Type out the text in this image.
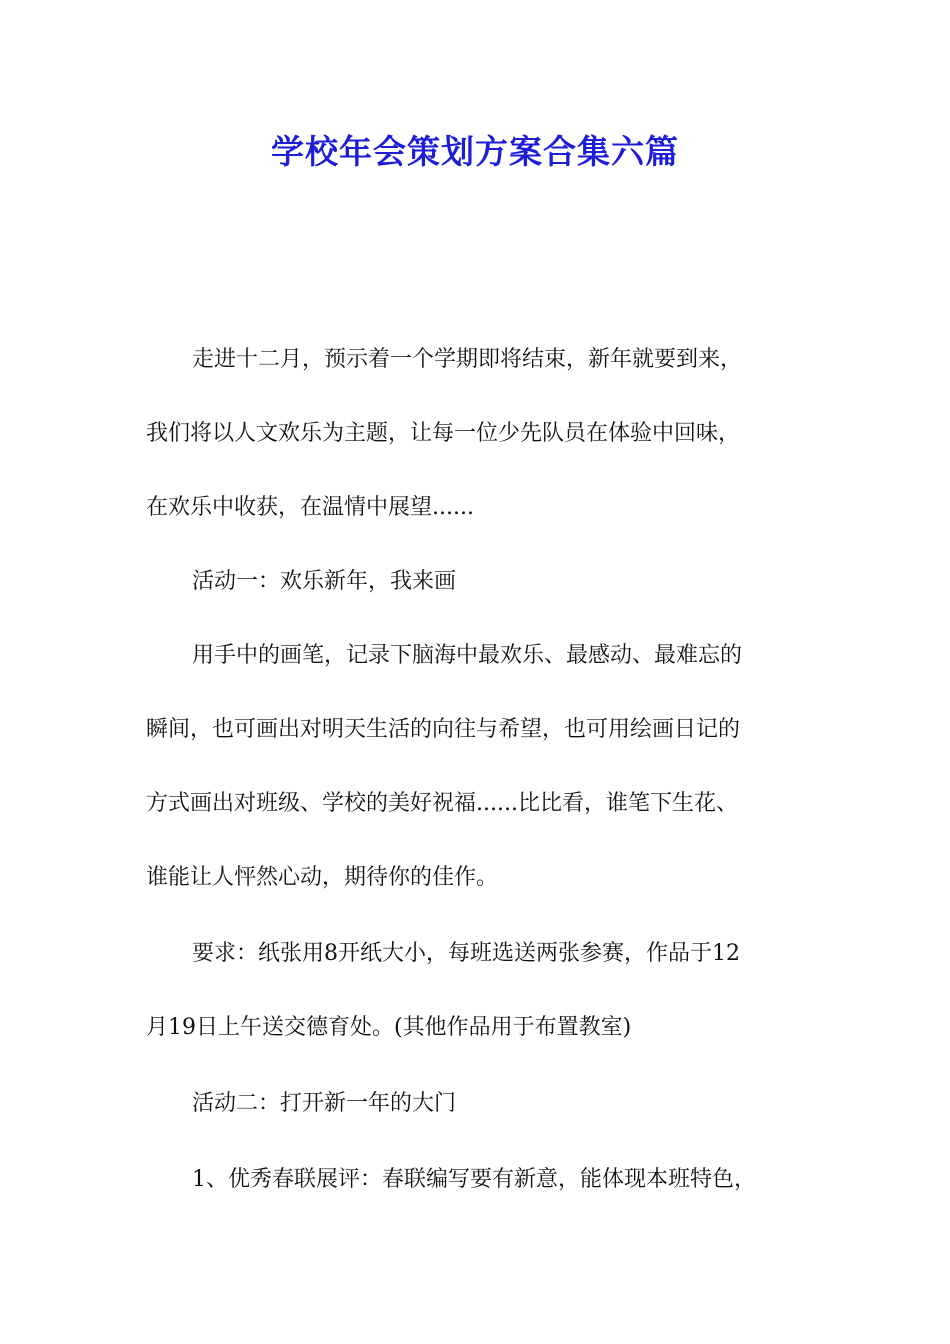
学校年会策划方案合集六篇
走进十二月，预示着一个学期即将结束，新年就要到来，
我们将以人文欢乐为主题，让每一位少先队员在体验中回味，
在欢乐中收获，在温情中展望......
活动一：欢乐新年，我来画
用手中的画笔，记录下脑海中最欢乐、最感动、最难忘的
瞬间，也可画出对明天生活的向往与希望，也可用绘画日记的
方式画出对班级、学校的美好祝福......比比看，谁笔下生花、
谁能让人怦然心动，期待你的佳作。
要求：纸张用8开纸大小，每班选送两张参赛，作品于12
月19日上午送交德育处。(其他作品用于布置教室)
活动二：打开新一年的大门
1、优秀春联展评：春联编写要有新意，能体现本班特色，
